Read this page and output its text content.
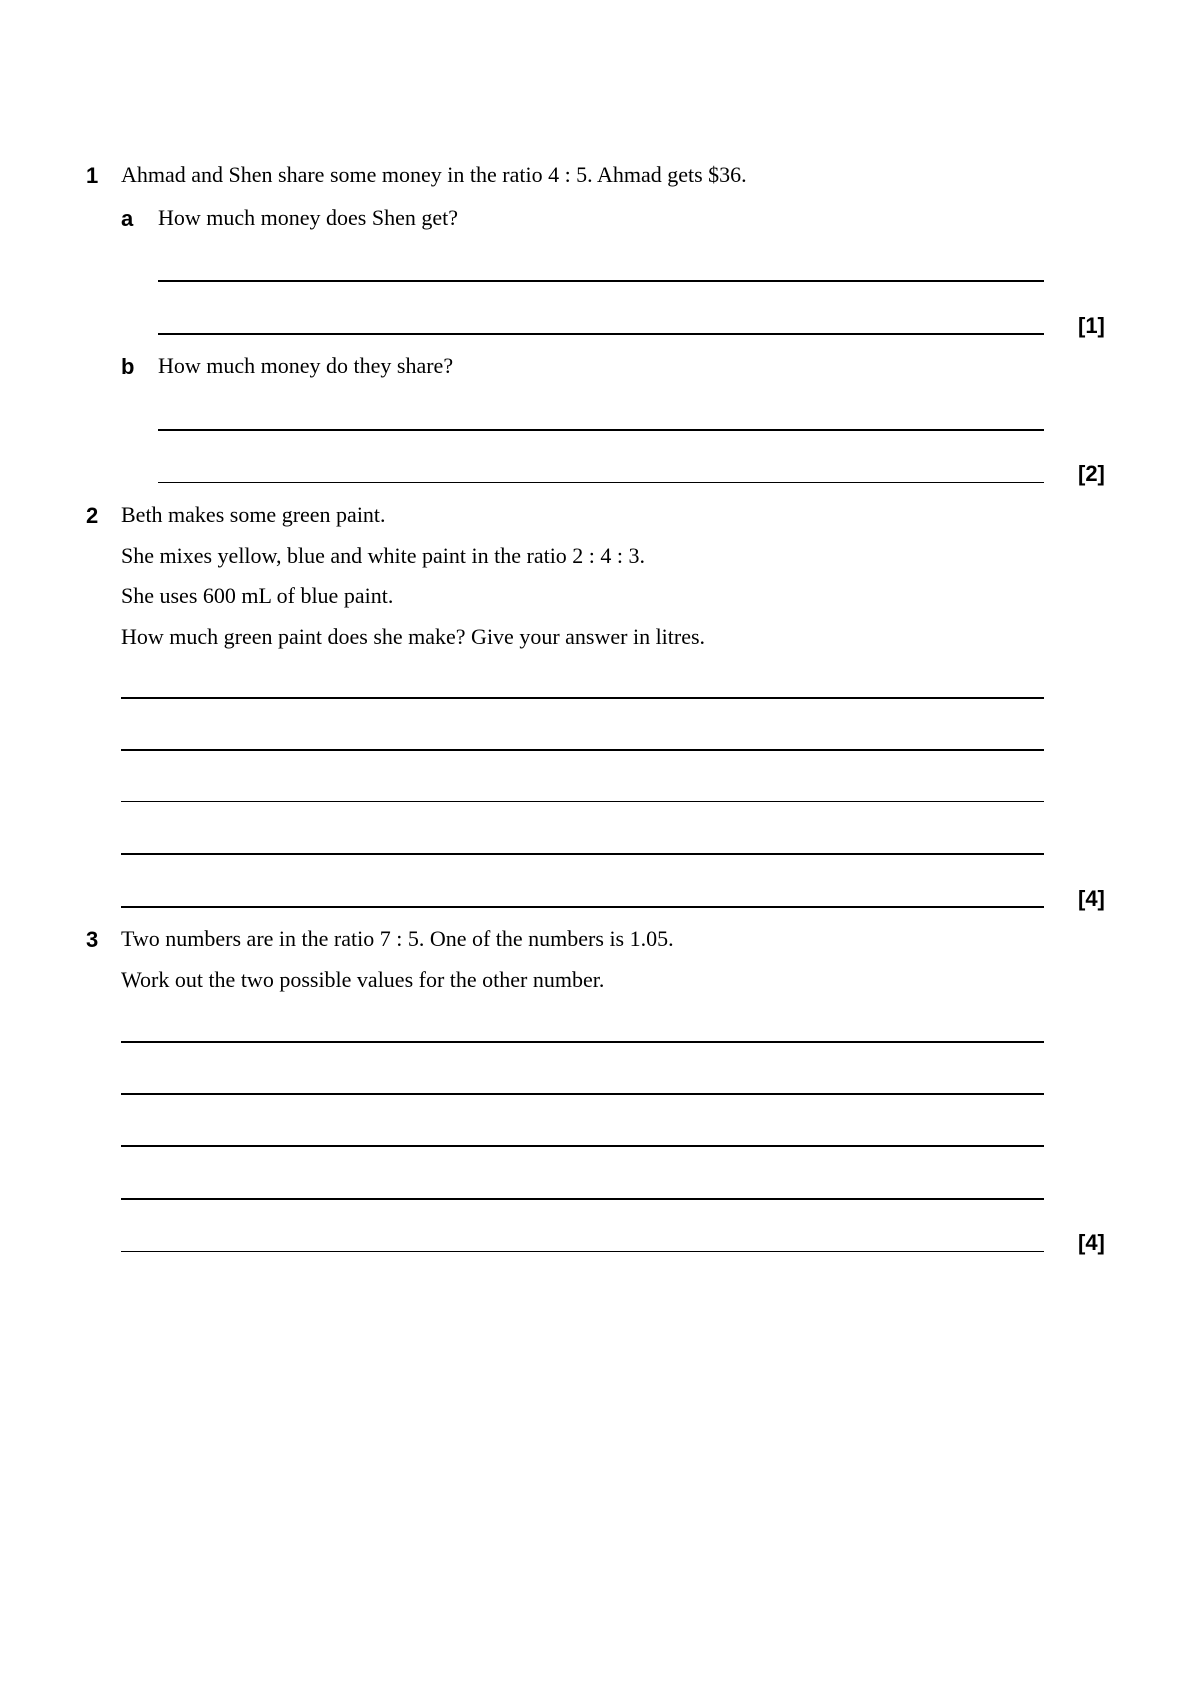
1 Ahmad and Shen share some money in the ratio 4 : 5. Ahmad gets $36.
a How much money does Shen get?
[1]
b How much money do they share?
[2]
2 Beth makes some green paint.
She mixes yellow, blue and white paint in the ratio 2 : 4 : 3.
She uses 600 mL of blue paint.
How much green paint does she make? Give your answer in litres.
[4]
3 Two numbers are in the ratio 7 : 5. One of the numbers is 1.05.
Work out the two possible values for the other number.
[4]
